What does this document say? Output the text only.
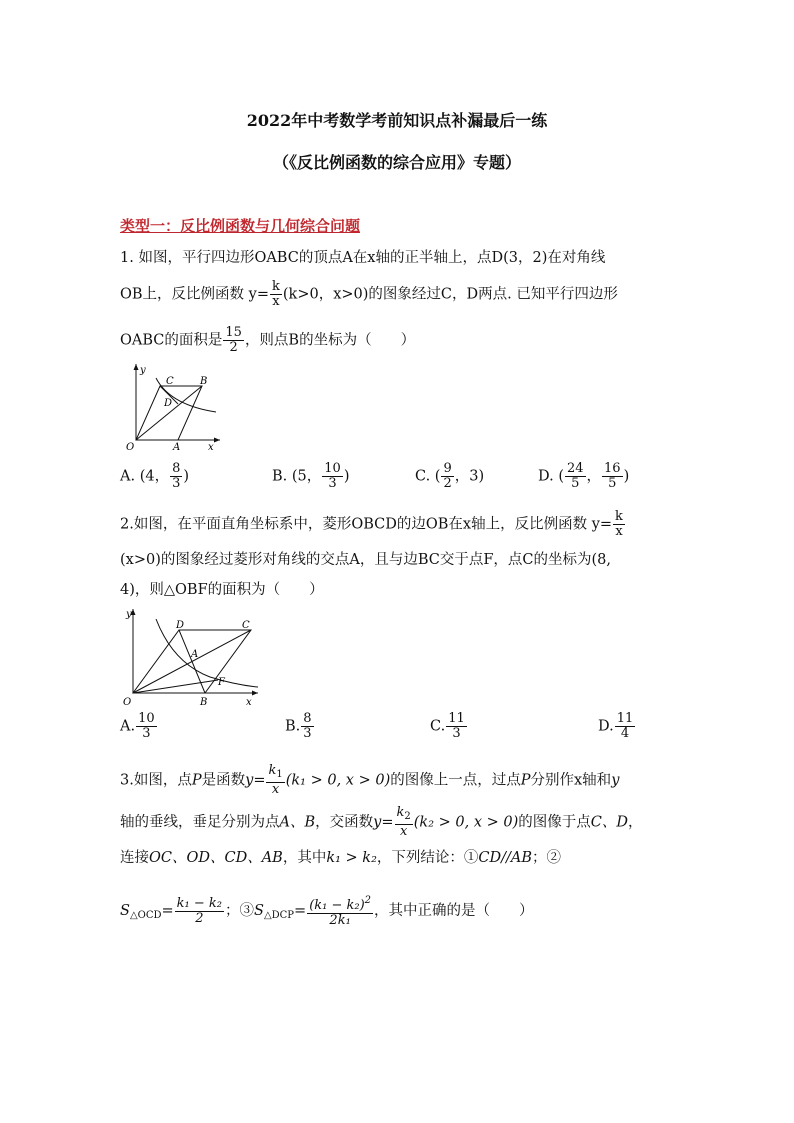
2022年中考数学考前知识点补漏最后一练
（《反比例函数的综合应用》专题）
类型一：反比例函数与几何综合问题
1. 如图，平行四边形OABC的顶点A在x轴的正半轴上，点D(3，2)在对角线
OB上，反比例函数 $y= \frac{k}{x} (k>0$，x>0)的图象经过C，D两点. 已知平行四边形
OABC的面积是 $\frac{15}{2}$ ，则点B的坐标为（　　）
y
x
O
C	B
D
A
A. (4， $\frac{8}{3}$ )	B. (5， $\frac{10}{3}$ )	C. ( $\frac{9}{2}$ ，3)	D. ( $\frac{24}{5}$ ， $\frac{16}{5}$ )
2.如图，在平面直角坐标系中，菱形OBCD的边OB在x轴上，反比例函数 $y= \frac{k}{x}$
(x>0)的图象经过菱形对角线的交点A，且与边BC交于点F，点C的坐标为(8,
4)，则△OBF的面积为（　　）
y
x
O
D	C
A
F
B
A. $\frac{10}{3}$	B. $\frac{8}{3}$	C. $\frac{11}{3}$	D. $\frac{11}{4}$
3.如图，点P是函数$y= \frac{k_1}{x} (k_1 > 0$, x > 0)的图像上一点，过点P分别作x轴和y
轴的垂线，垂足分别为点A、B，交函数$y= \frac{k_2}{x} (k_2 > 0$, x > 0)的图像于点C、D，
连接OC、OD、CD、AB，其中k₁ > k₂，下列结论：①CD//AB；②
$S_{\triangle OCD}= \frac{\text{k₁ − k₂}}{2}$ ；$③S_{\triangle DCP}= \frac{(k_1 - k_2)^2}{\text{2k₁}}$ ，其中正确的是（　　）
